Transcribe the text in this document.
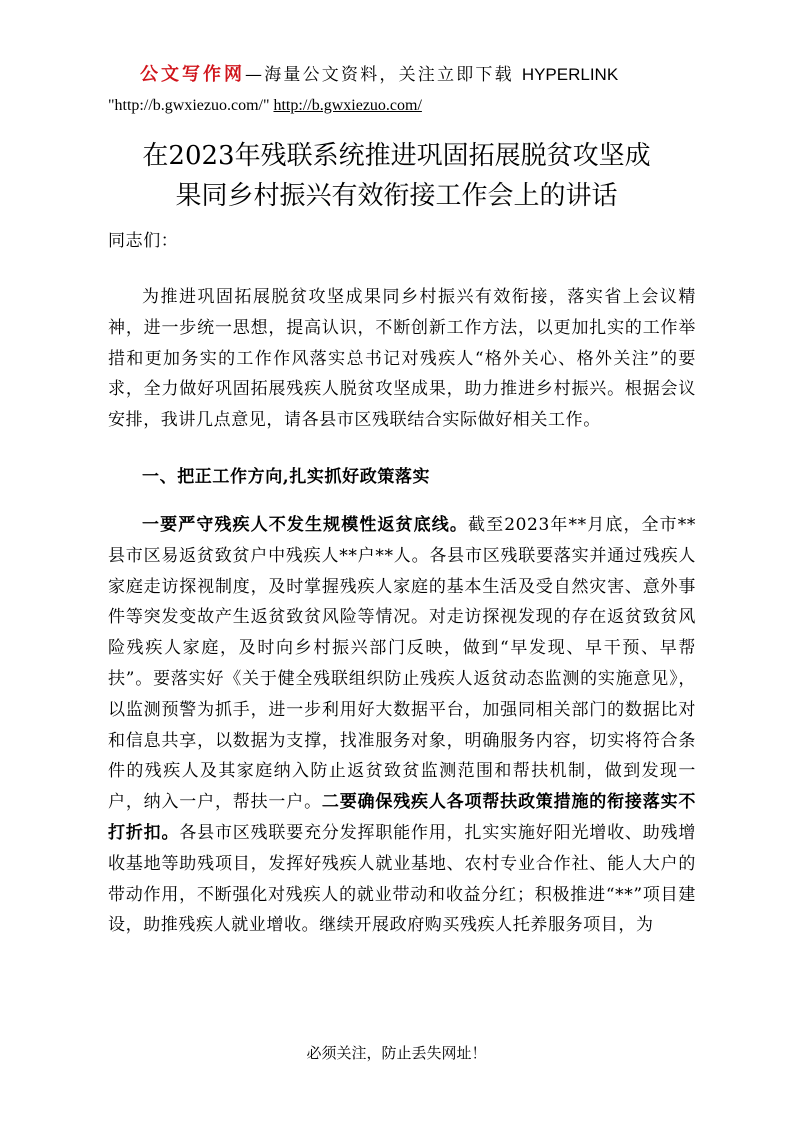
公文写作网—海量公文资料，关注立即下载 HYPERLINK
"http://b.gwxiezuo.com/" http://b.gwxiezuo.com/
在2023年残联系统推进巩固拓展脱贫攻坚成
果同乡村振兴有效衔接工作会上的讲话

同志们：

为推进巩固拓展脱贫攻坚成果同乡村振兴有效衔接，落实省上会议精神，进一步统一思想，提高认识，不断创新工作方法，以更加扎实的工作举措和更加务实的工作作风落实总书记对残疾人“格外关心、格外关注”的要求，全力做好巩固拓展残疾人脱贫攻坚成果，助力推进乡村振兴。根据会议安排，我讲几点意见，请各县市区残联结合实际做好相关工作。

一、把正工作方向,扎实抓好政策落实

一要严守残疾人不发生规模性返贫底线。截至2023年**月底，全市**县市区易返贫致贫户中残疾人**户**人。各县市区残联要落实并通过残疾人家庭走访探视制度，及时掌握残疾人家庭的基本生活及受自然灾害、意外事件等突发变故产生返贫致贫风险等情况。对走访探视发现的存在返贫致贫风险残疾人家庭，及时向乡村振兴部门反映，做到“早发现、早干预、早帮扶”。要落实好《关于健全残联组织防止残疾人返贫动态监测的实施意见》，以监测预警为抓手，进一步利用好大数据平台，加强同相关部门的数据比对和信息共享，以数据为支撑，找准服务对象，明确服务内容，切实将符合条件的残疾人及其家庭纳入防止返贫致贫监测范围和帮扶机制，做到发现一户，纳入一户，帮扶一户。二要确保残疾人各项帮扶政策措施的衔接落实不打折扣。各县市区残联要充分发挥职能作用，扎实实施好阳光增收、助残增收基地等助残项目，发挥好残疾人就业基地、农村专业合作社、能人大户的带动作用，不断强化对残疾人的就业带动和收益分红；积极推进“**”项目建设，助推残疾人就业增收。继续开展政府购买残疾人托养服务项目，为

必须关注，防止丢失网址！
